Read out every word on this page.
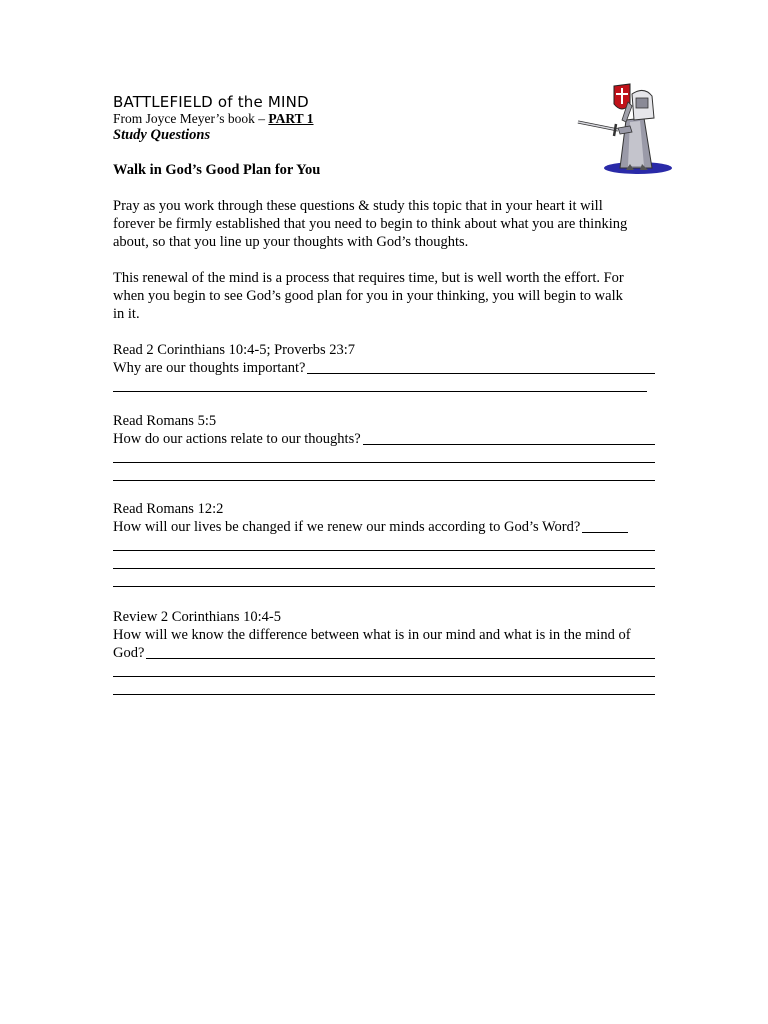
BATTLEFIELD of the MIND
From Joyce Meyer’s book – PART 1
Study Questions
Walk in God’s Good Plan for You
Pray as you work through these questions & study this topic that in your heart it will
forever be firmly established that you need to begin to think about what you are thinking
about, so that you line up your thoughts with God’s thoughts.
This renewal of the mind is a process that requires time, but is well worth the effort. For
when you begin to see God’s good plan for you in your thinking, you will begin to walk
in it.
Read 2 Corinthians 10:4-5; Proverbs 23:7
Why are our thoughts important?
Read Romans 5:5
How do our actions relate to our thoughts?
Read Romans 12:2
How will our lives be changed if we renew our minds according to God’s Word?
Review 2 Corinthians 10:4-5
How will we know the difference between what is in our mind and what is in the mind of
God?
